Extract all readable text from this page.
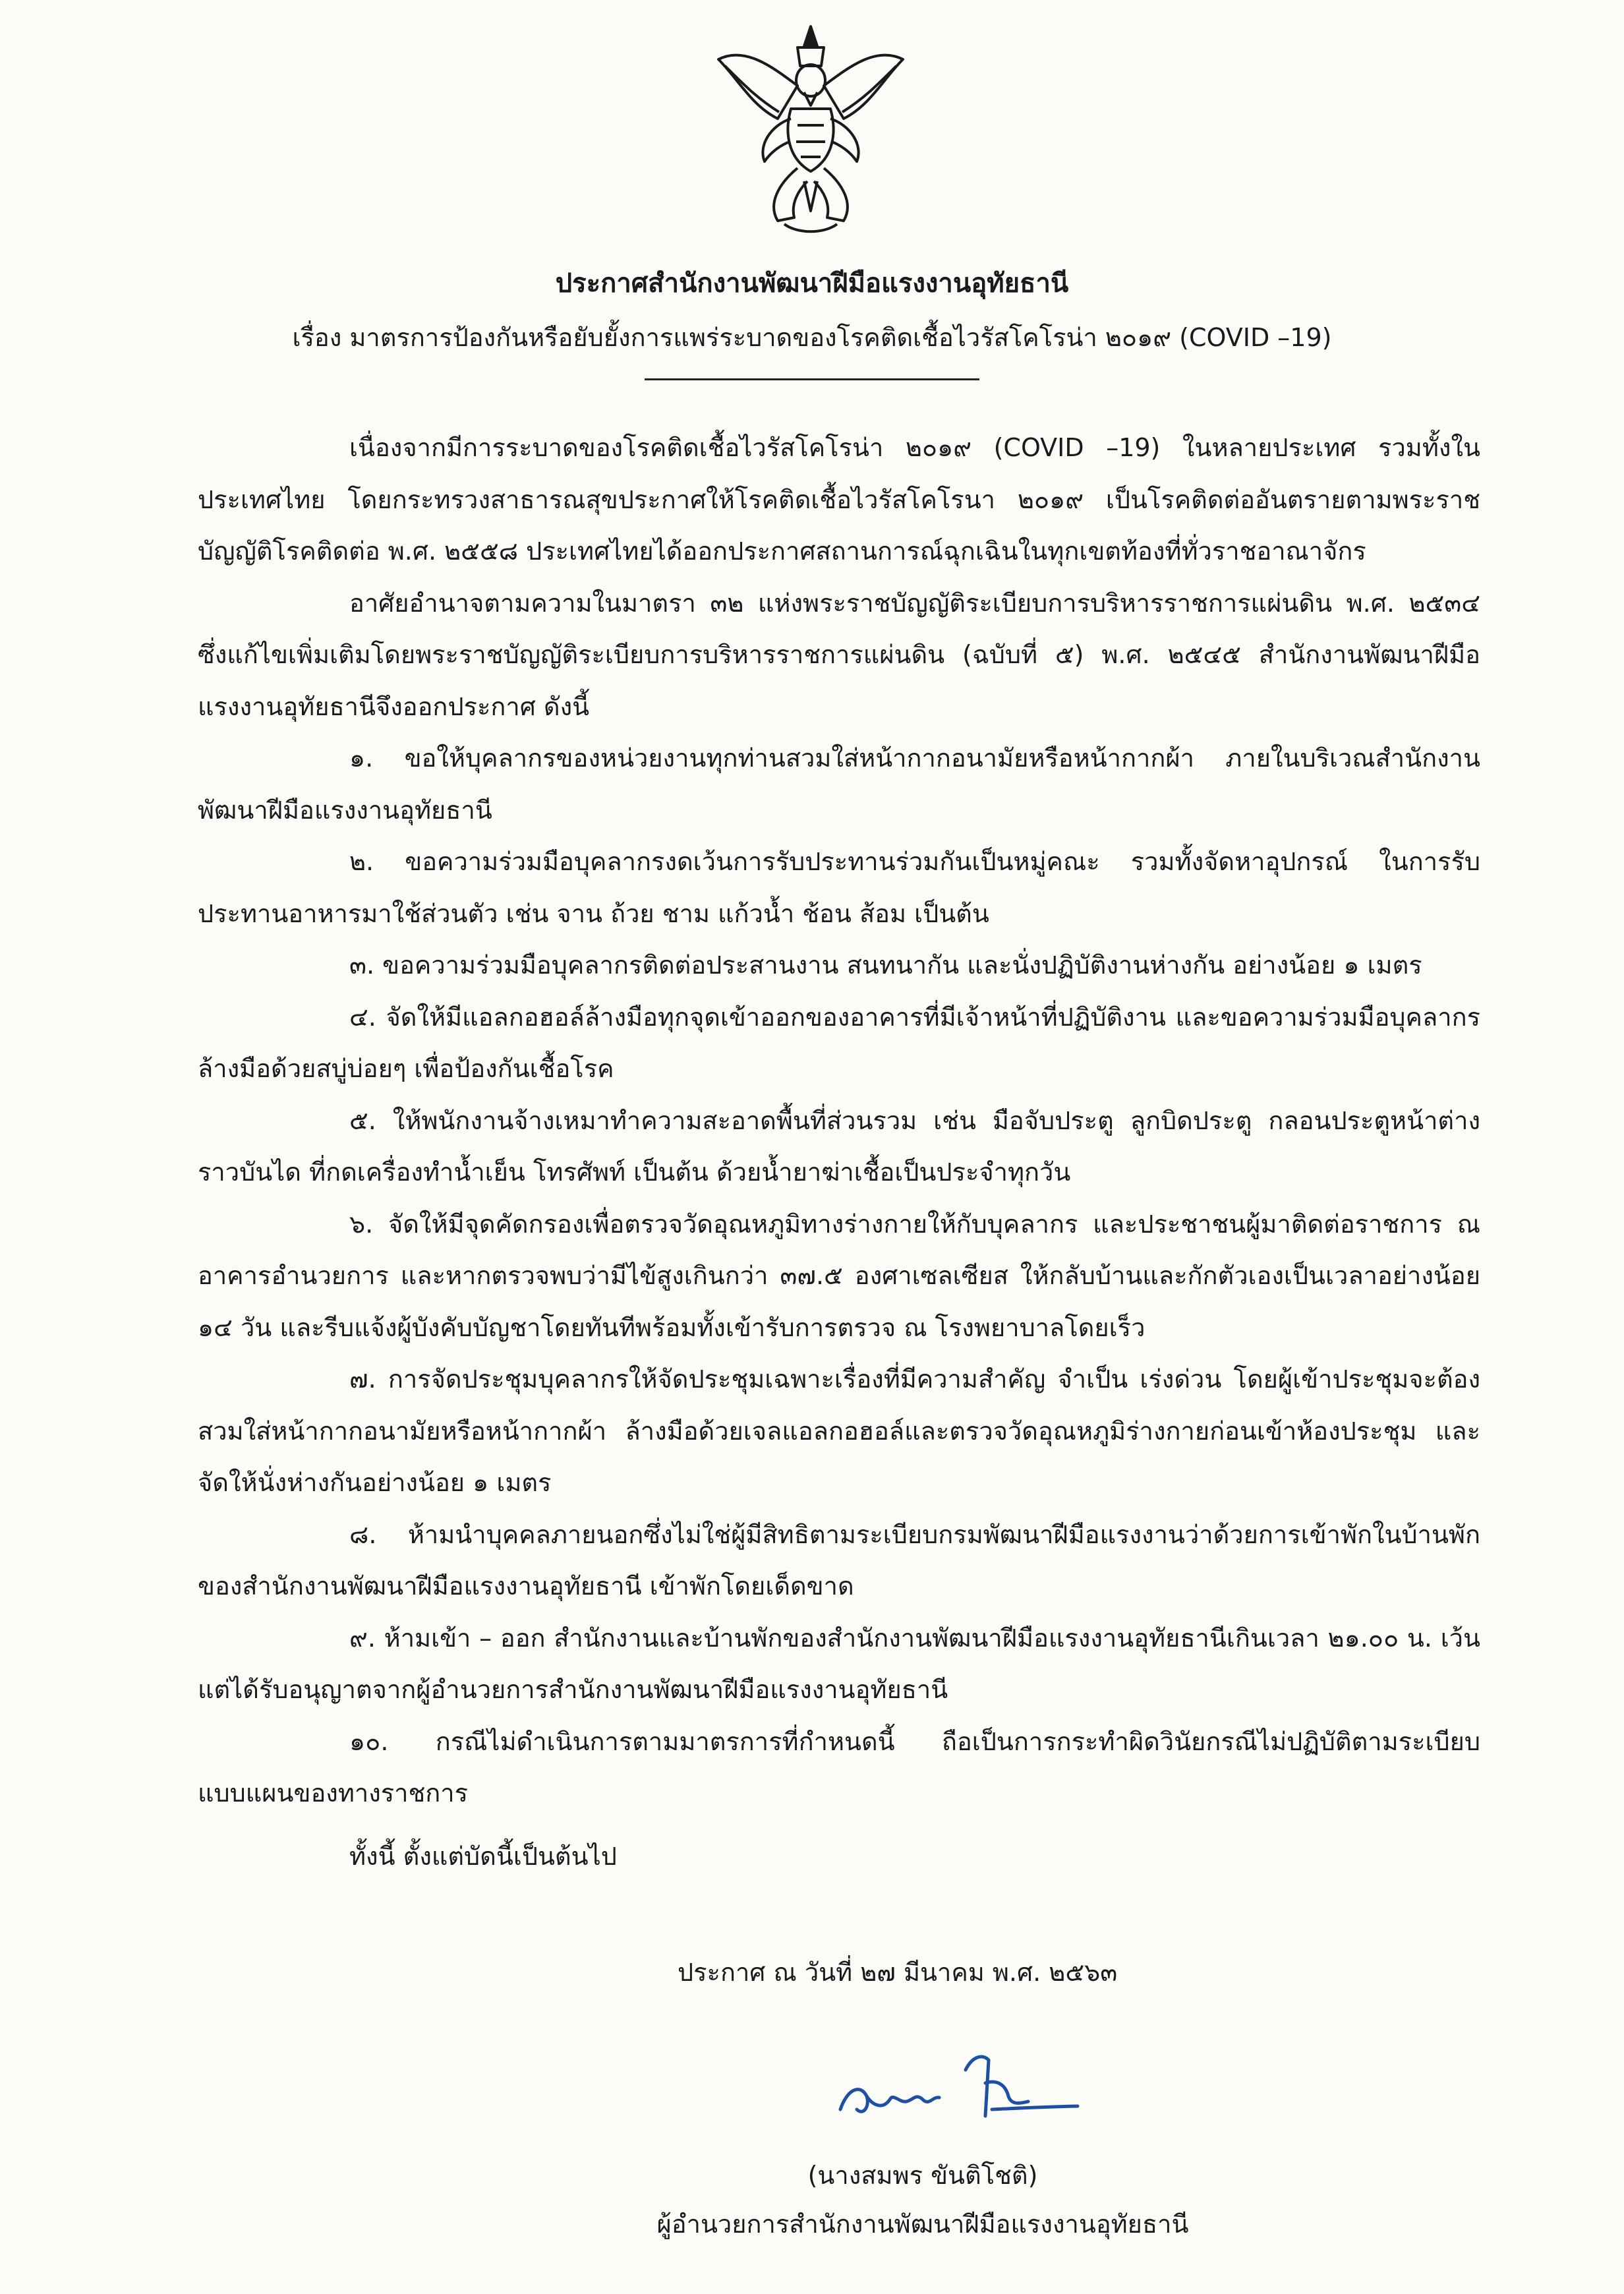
ประกาศสำนักงานพัฒนาฝีมือแรงงานอุทัยธานี
เรื่อง มาตรการป้องกันหรือยับยั้งการแพร่ระบาดของโรคติดเชื้อไวรัสโคโรน่า ๒๐๑๙ (COVID –19)

เนื่องจากมีการระบาดของโรคติดเชื้อไวรัสโคโรน่า ๒๐๑๙ (COVID –19) ในหลายประเทศ รวมทั้งในประเทศไทย โดยกระทรวงสาธารณสุขประกาศให้โรคติดเชื้อไวรัสโคโรนา ๒๐๑๙ เป็นโรคติดต่ออันตรายตามพระราชบัญญัติโรคติดต่อ พ.ศ. ๒๕๕๘ ประเทศไทยได้ออกประกาศสถานการณ์ฉุกเฉินในทุกเขตท้องที่ทั่วราชอาณาจักร

อาศัยอำนาจตามความในมาตรา ๓๒ แห่งพระราชบัญญัติระเบียบการบริหารราชการแผ่นดิน พ.ศ. ๒๕๓๔ ซึ่งแก้ไขเพิ่มเติมโดยพระราชบัญญัติระเบียบการบริหารราชการแผ่นดิน (ฉบับที่ ๕) พ.ศ. ๒๕๔๕ สำนักงานพัฒนาฝีมือแรงงานอุทัยธานีจึงออกประกาศ ดังนี้

๑. ขอให้บุคลากรของหน่วยงานทุกท่านสวมใส่หน้ากากอนามัยหรือหน้ากากผ้า ภายในบริเวณสำนักงานพัฒนาฝีมือแรงงานอุทัยธานี

๒. ขอความร่วมมือบุคลากรงดเว้นการรับประทานร่วมกันเป็นหมู่คณะ รวมทั้งจัดหาอุปกรณ์ ในการรับประทานอาหารมาใช้ส่วนตัว เช่น จาน ถ้วย ชาม แก้วน้ำ ช้อน ส้อม เป็นต้น

๓. ขอความร่วมมือบุคลากรติดต่อประสานงาน สนทนากัน และนั่งปฏิบัติงานห่างกัน อย่างน้อย ๑ เมตร

๔. จัดให้มีแอลกอฮอล์ล้างมือทุกจุดเข้าออกของอาคารที่มีเจ้าหน้าที่ปฏิบัติงาน และขอความร่วมมือบุคลากรล้างมือด้วยสบู่บ่อยๆ เพื่อป้องกันเชื้อโรค

๕. ให้พนักงานจ้างเหมาทำความสะอาดพื้นที่ส่วนรวม เช่น มือจับประตู ลูกบิดประตู กลอนประตูหน้าต่าง ราวบันได ที่กดเครื่องทำน้ำเย็น โทรศัพท์ เป็นต้น ด้วยน้ำยาฆ่าเชื้อเป็นประจำทุกวัน

๖. จัดให้มีจุดคัดกรองเพื่อตรวจวัดอุณหภูมิทางร่างกายให้กับบุคลากร และประชาชนผู้มาติดต่อราชการ ณ อาคารอำนวยการ และหากตรวจพบว่ามีไข้สูงเกินกว่า ๓๗.๕ องศาเซลเซียส ให้กลับบ้านและกักตัวเองเป็นเวลาอย่างน้อย ๑๔ วัน และรีบแจ้งผู้บังคับบัญชาโดยทันทีพร้อมทั้งเข้ารับการตรวจ ณ โรงพยาบาลโดยเร็ว

๗. การจัดประชุมบุคลากรให้จัดประชุมเฉพาะเรื่องที่มีความสำคัญ จำเป็น เร่งด่วน โดยผู้เข้าประชุมจะต้องสวมใส่หน้ากากอนามัยหรือหน้ากากผ้า ล้างมือด้วยเจลแอลกอฮอล์และตรวจวัดอุณหภูมิร่างกายก่อนเข้าห้องประชุม และจัดให้นั่งห่างกันอย่างน้อย ๑ เมตร

๘. ห้ามนำบุคคลภายนอกซึ่งไม่ใช่ผู้มีสิทธิตามระเบียบกรมพัฒนาฝีมือแรงงานว่าด้วยการเข้าพักในบ้านพักของสำนักงานพัฒนาฝีมือแรงงานอุทัยธานี เข้าพักโดยเด็ดขาด

๙. ห้ามเข้า – ออก สำนักงานและบ้านพักของสำนักงานพัฒนาฝีมือแรงงานอุทัยธานีเกินเวลา ๒๑.๐๐ น. เว้นแต่ได้รับอนุญาตจากผู้อำนวยการสำนักงานพัฒนาฝีมือแรงงานอุทัยธานี

๑๐. กรณีไม่ดำเนินการตามมาตรการที่กำหนดนี้ ถือเป็นการกระทำผิดวินัยกรณีไม่ปฏิบัติตามระเบียบแบบแผนของทางราชการ

ทั้งนี้ ตั้งแต่บัดนี้เป็นต้นไป
ประกาศ ณ วันที่ ๒๗ มีนาคม พ.ศ. ๒๕๖๓
(นางสมพร ขันติโชติ)
ผู้อำนวยการสำนักงานพัฒนาฝีมือแรงงานอุทัยธานี
